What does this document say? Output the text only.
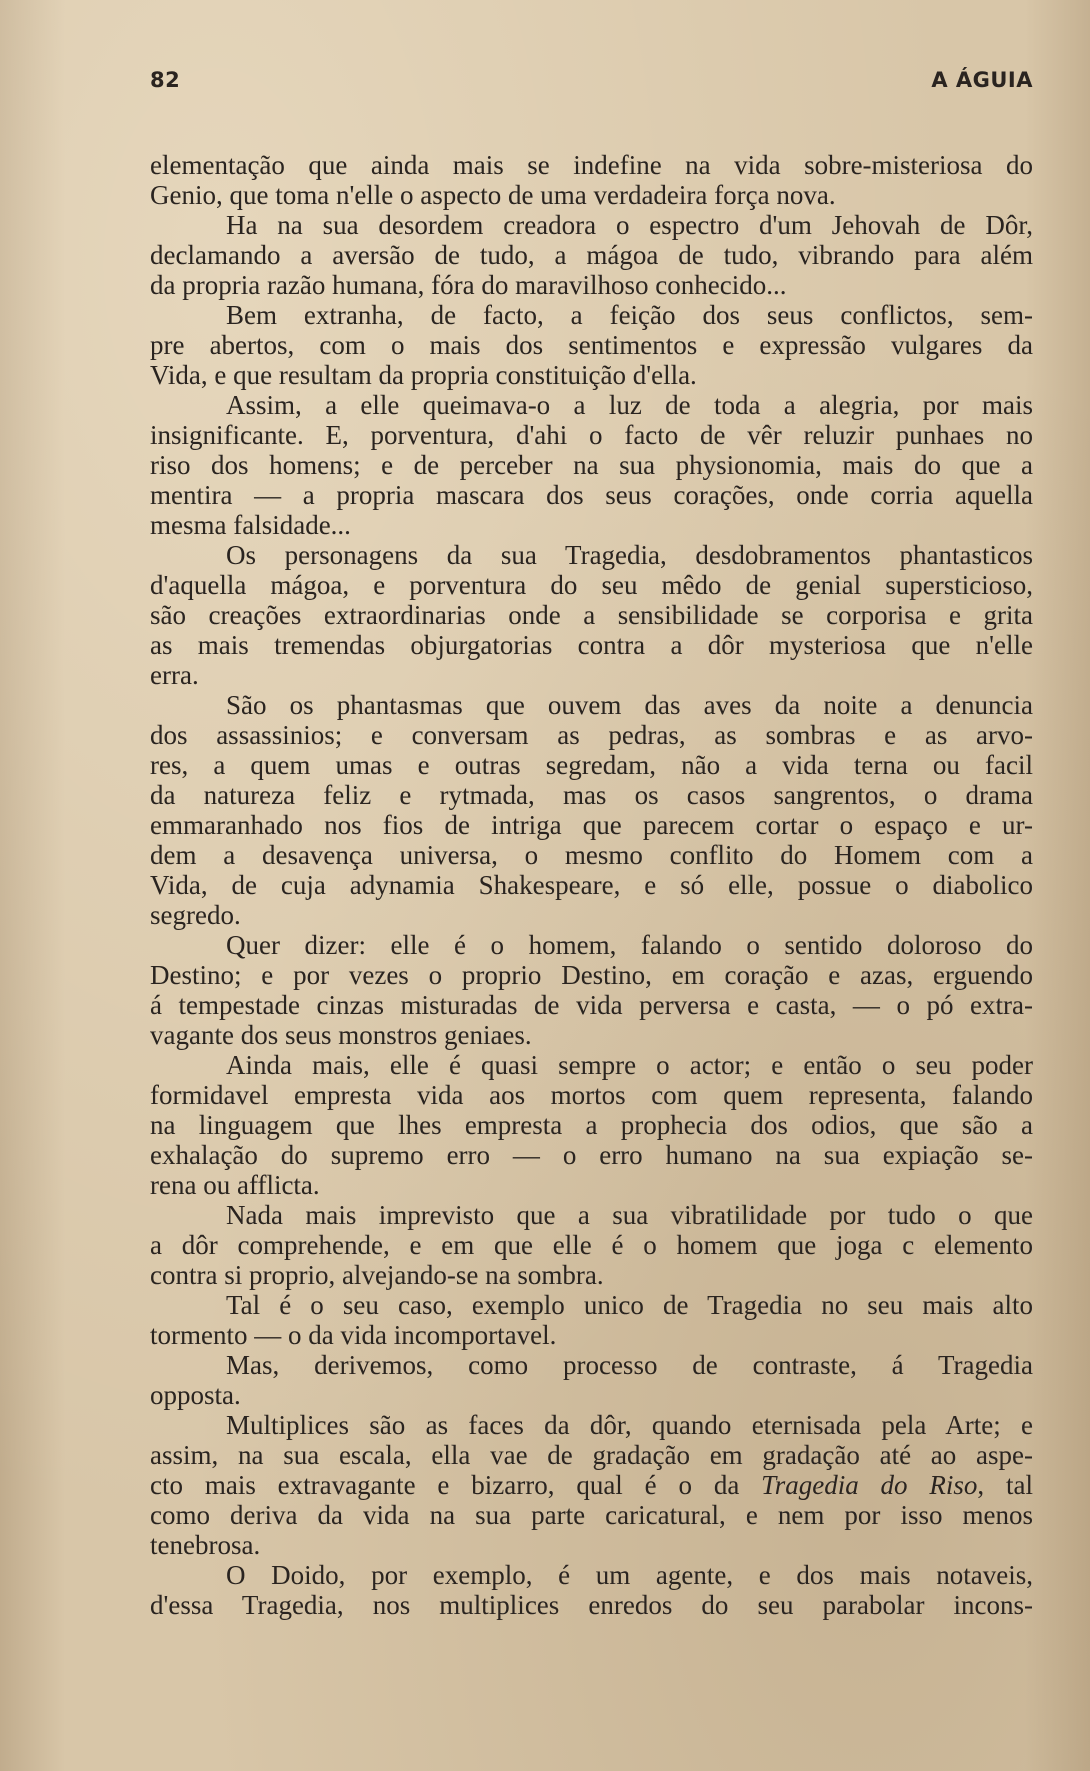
82	A ÁGUIA
elementação que ainda mais se indefine na vida sobre-misteriosa do
Genio, que toma n'elle o aspecto de uma verdadeira força nova.
Ha na sua desordem creadora o espectro d'um Jehovah de Dôr,
declamando a aversão de tudo, a mágoa de tudo, vibrando para além
da propria razão humana, fóra do maravilhoso conhecido...
Bem extranha, de facto, a feição dos seus conflictos, sem-
pre abertos, com o mais dos sentimentos e expressão vulgares da
Vida, e que resultam da propria constituição d'ella.
Assim, a elle queimava-o a luz de toda a alegria, por mais
insignificante. E, porventura, d'ahi o facto de vêr reluzir punhaes no
riso dos homens; e de perceber na sua physionomia, mais do que a
mentira — a propria mascara dos seus corações, onde corria aquella
mesma falsidade...
Os personagens da sua Tragedia, desdobramentos phantasticos
d'aquella mágoa, e porventura do seu mêdo de genial supersticioso,
são creações extraordinarias onde a sensibilidade se corporisa e grita
as mais tremendas objurgatorias contra a dôr mysteriosa que n'elle
erra.
São os phantasmas que ouvem das aves da noite a denuncia
dos assassinios; e conversam as pedras, as sombras e as arvo-
res, a quem umas e outras segredam, não a vida terna ou facil
da natureza feliz e rytmada, mas os casos sangrentos, o drama
emmaranhado nos fios de intriga que parecem cortar o espaço e ur-
dem a desavença universa, o mesmo conflito do Homem com a
Vida, de cuja adynamia Shakespeare, e só elle, possue o diabolico
segredo.
Quer dizer: elle é o homem, falando o sentido doloroso do
Destino; e por vezes o proprio Destino, em coração e azas, erguendo
á tempestade cinzas misturadas de vida perversa e casta, — o pó extra-
vagante dos seus monstros geniaes.
Ainda mais, elle é quasi sempre o actor; e então o seu poder
formidavel empresta vida aos mortos com quem representa, falando
na linguagem que lhes empresta a prophecia dos odios, que são a
exhalação do supremo erro — o erro humano na sua expiação se-
rena ou afflicta.
Nada mais imprevisto que a sua vibratilidade por tudo o que
a dôr comprehende, e em que elle é o homem que joga c elemento
contra si proprio, alvejando-se na sombra.
Tal é o seu caso, exemplo unico de Tragedia no seu mais alto
tormento — o da vida incomportavel.
Mas, derivemos, como processo de contraste, á Tragedia
opposta.
Multiplices são as faces da dôr, quando eternisada pela Arte; e
assim, na sua escala, ella vae de gradação em gradação até ao aspe-
cto mais extravagante e bizarro, qual é o da Tragedia do Riso, tal
como deriva da vida na sua parte caricatural, e nem por isso menos
tenebrosa.
O Doido, por exemplo, é um agente, e dos mais notaveis,
d'essa Tragedia, nos multiplices enredos do seu parabolar incons-
